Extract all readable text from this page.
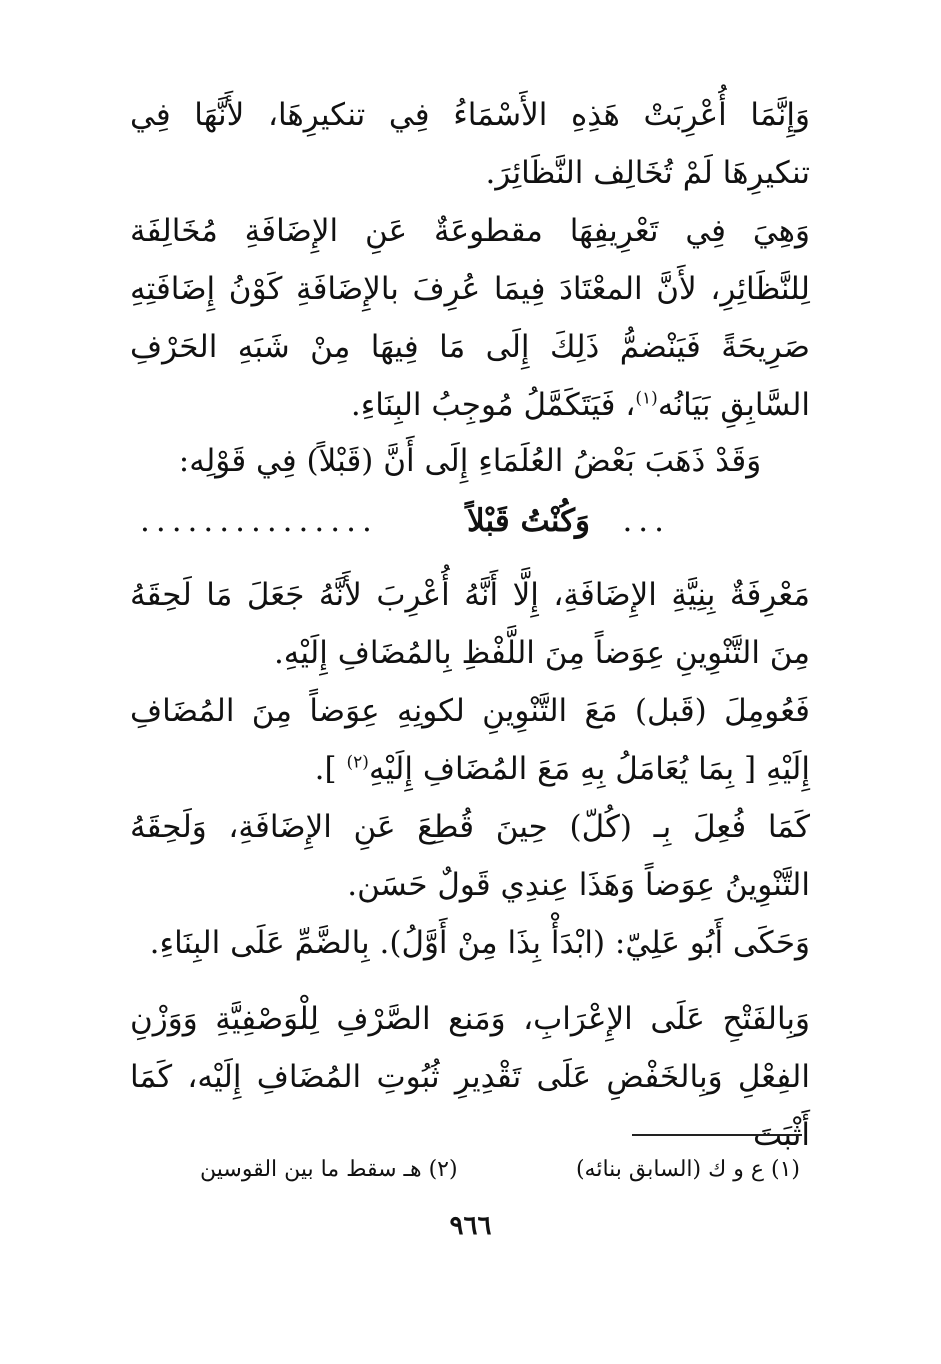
وَإِنَّمَا أُعْرِبَتْ هَذِهِ الأَسْمَاءُ فِي تنكيرِهَا، لأَنَّهَا فِي تنكيرِهَا لَمْ تُخَالِف النَّظَائِرَ.

وَهِيَ فِي تَعْرِيفِهَا مقطوعَةٌ عَنِ الإِضَافَةِ مُخَالِفَة لِلنَّظَائِرِ، لأَنَّ المعْتَادَ فِيمَا عُرِفَ بالإِضَافَةِ كَوْنُ إِضَافَتِهِ صَرِيحَةً فَيَنْضمُّ ذَلِكَ إِلَى مَا فِيهَا مِنْ شَبَهِ الحَرْفِ السَّابِقِ بَيَانُه$^{(١)}$، فَيَتَكَمَّلُ مُوجِبُ البِنَاءِ.

وَقَدْ ذَهَبَ بَعْضُ العُلَمَاءِ إِلَى أَنَّ (قَبْلاً) فِي قَوْلِه:

وَكُنْتُ قَبْلاً ...
...............

مَعْرِفَةٌ بِنِيَّةِ الإِضَافَةِ، إِلَّا أَنَّهُ أُعْرِبَ لأَنَّهُ جَعَلَ مَا لَحِقَهُ مِنَ التَّنْوِينِ عِوَضاً مِنَ اللَّفْظِ بِالمُضَافِ إِلَيْهِ.

فَعُومِلَ (قَبل) مَعَ التَّنْوِينِ لكونِهِ عِوَضاً مِنَ المُضَافِ إِلَيْهِ [ بِمَا يُعَامَلُ بِهِ مَعَ المُضَافِ إِلَيْهِ$^{(٢)}$ ].

كَمَا فُعِلَ بِـ (كُلّ) حِينَ قُطِعَ عَنِ الإِضَافَةِ، وَلَحِقَهُ التَّنْوِينُ عِوَضاً وَهَذَا عِندِي قَولٌ حَسَن.

وَحَكَى أَبُو عَلِيّ: (ابْدَأْ بِذَا مِنْ أَوَّلُ). بِالضَّمِّ عَلَى البِنَاءِ.

وَبِالفَتْحِ عَلَى الإِعْرَابِ، وَمَنع الصَّرْفِ لِلْوَصْفِيَّةِ وَوَزْنِ الفِعْلِ وَبِالخَفْضِ عَلَى تَقْدِيرِ ثُبُوتِ المُضَافِ إِلَيْه، كَمَا أَثْبَتَ

(١) ع و ك (السابق بنائه)
(٢) هـ سقط ما بين القوسين
٩٦٦
